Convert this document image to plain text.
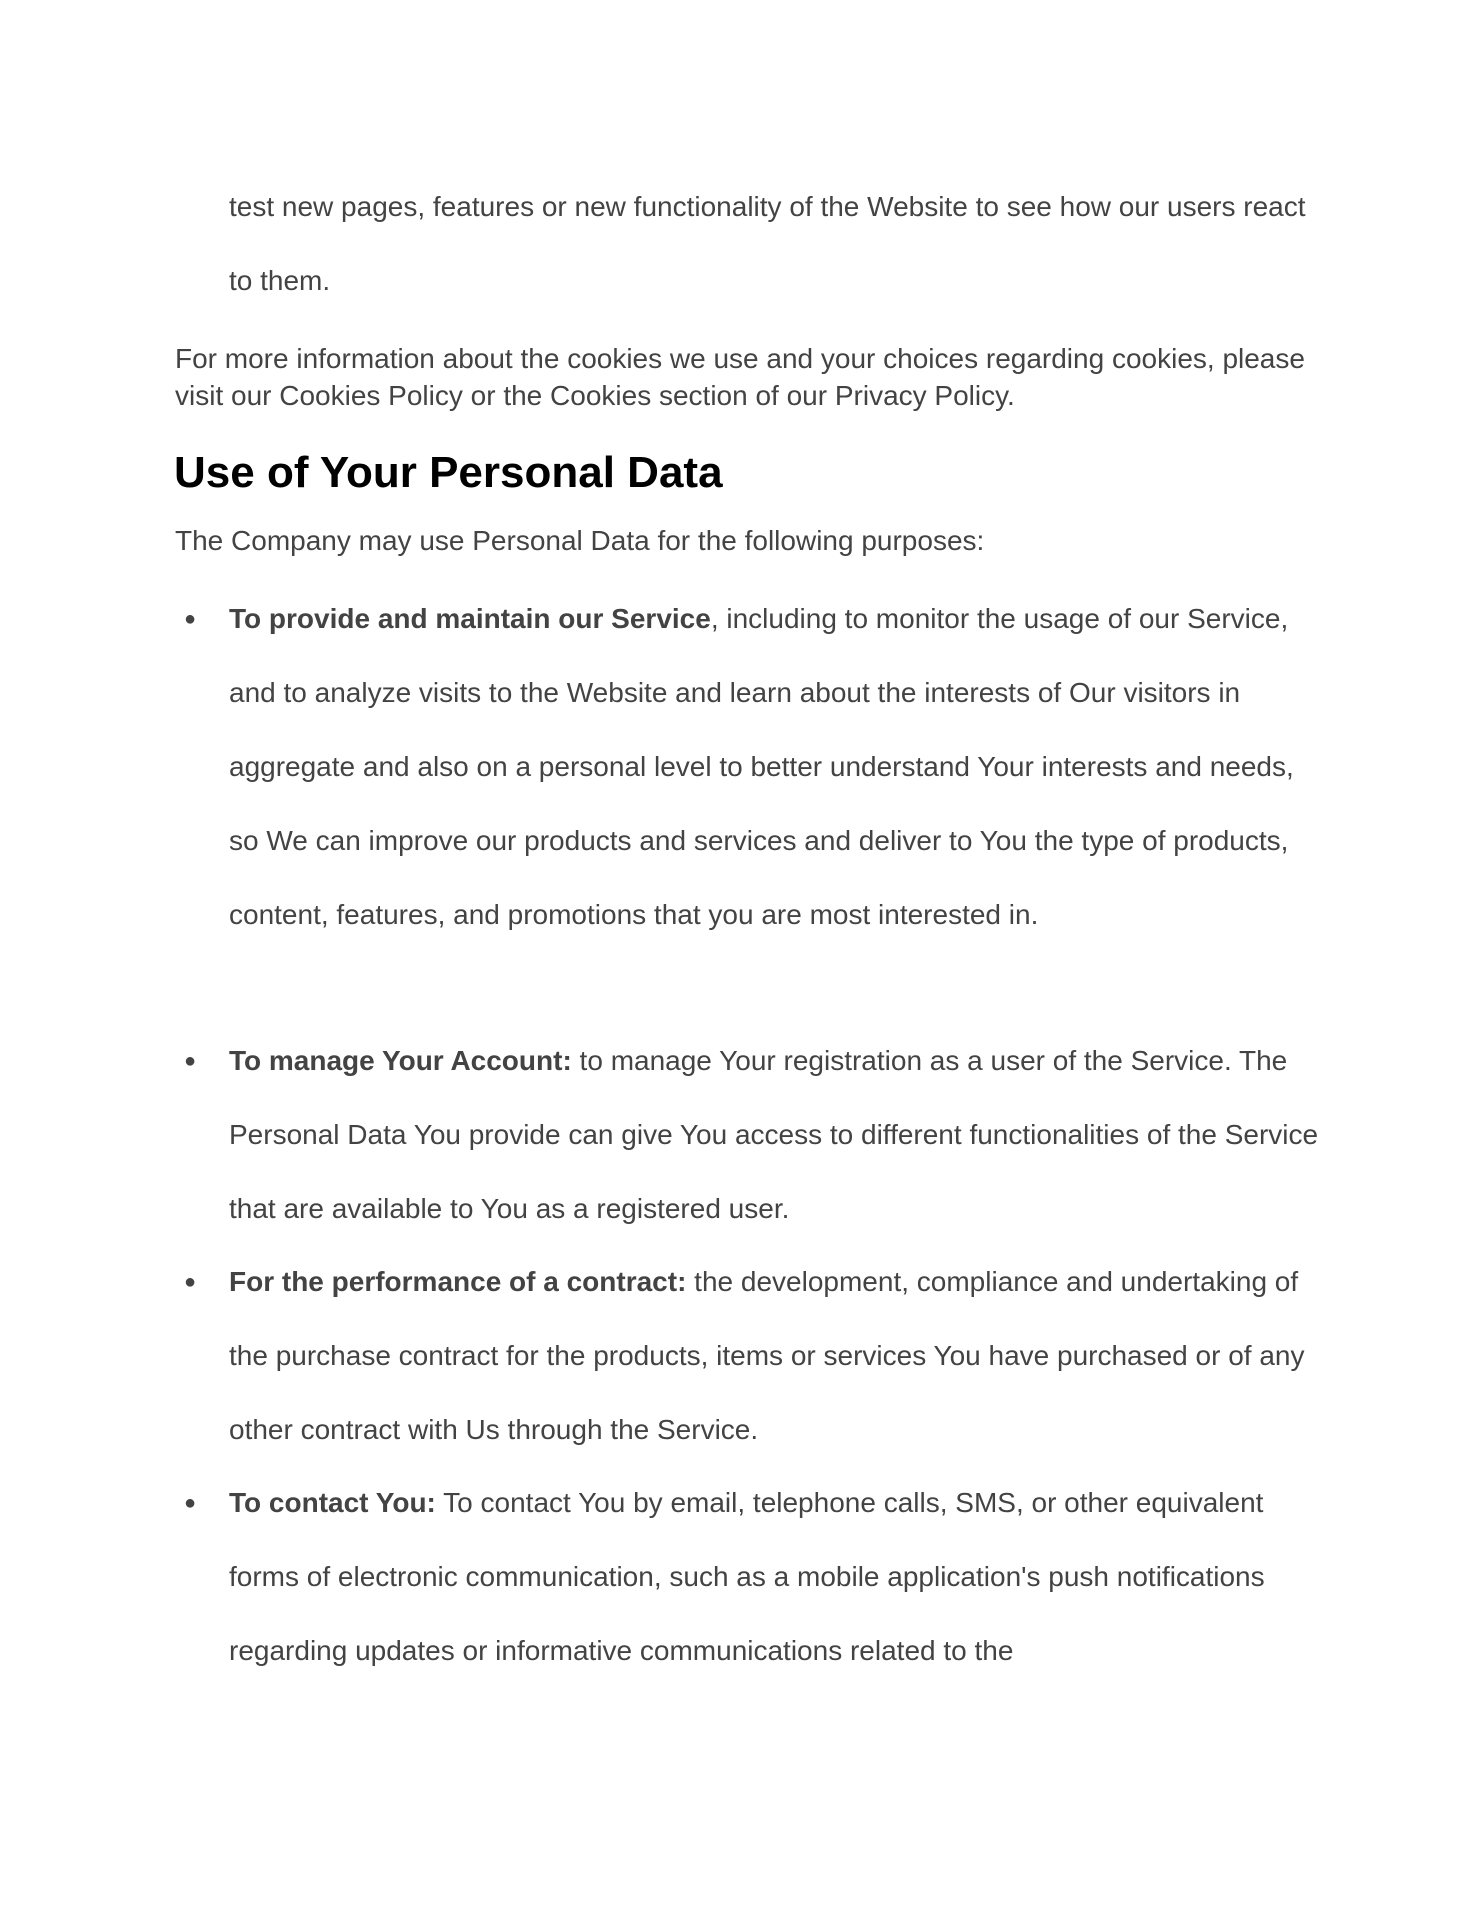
test new pages, features or new functionality of the Website to see how our users react to them.

For more information about the cookies we use and your choices regarding cookies, please visit our Cookies Policy or the Cookies section of our Privacy Policy.

Use of Your Personal Data

The Company may use Personal Data for the following purposes:

● To provide and maintain our Service, including to monitor the usage of our Service, and to analyze visits to the Website and learn about the interests of Our visitors in aggregate and also on a personal level to better understand Your interests and needs, so We can improve our products and services and deliver to You the type of products, content, features, and promotions that you are most interested in.
● To manage Your Account: to manage Your registration as a user of the Service. The Personal Data You provide can give You access to different functionalities of the Service that are available to You as a registered user.
● For the performance of a contract: the development, compliance and undertaking of the purchase contract for the products, items or services You have purchased or of any other contract with Us through the Service.
● To contact You: To contact You by email, telephone calls, SMS, or other equivalent forms of electronic communication, such as a mobile application's push notifications regarding updates or informative communications related to the
